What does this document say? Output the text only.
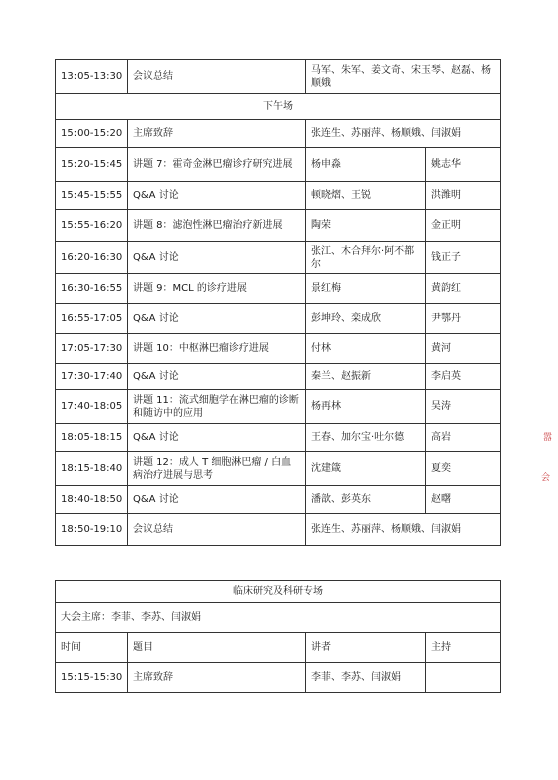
13:05-13:30	会议总结	马军、朱军、姜文奇、宋玉琴、赵磊、杨顺娥	
下午场			
15:00-15:20	主席致辞	张连生、苏丽萍、杨顺娥、闫淑娟	
15:20-15:45	讲题 7：霍奇金淋巴瘤诊疗研究进展	杨申淼	姚志华
15:45-15:55	Q&A 讨论	顿晓熠、王锐	洪潍明
15:55-16:20	讲题 8：滤泡性淋巴瘤治疗新进展	陶荣	金正明
16:20-16:30	Q&A 讨论	张江、木合拜尔·阿不都尔	钱正子
16:30-16:55	讲题 9：MCL 的诊疗进展	景红梅	黄韵红
16:55-17:05	Q&A 讨论	彭坤玲、栾成欣	尹鄂丹
17:05-17:30	讲题 10：中枢淋巴瘤诊疗进展	付林	黄河
17:30-17:40	Q&A 讨论	秦兰、赵振新	李启英
17:40-18:05	讲题 11：流式细胞学在淋巴瘤的诊断和随访中的应用	杨再林	吴涛
18:05-18:15	Q&A 讨论	王春、加尔宝·吐尔德	高岩
18:15-18:40	讲题 12：成人 T 细胞淋巴瘤 / 白血病治疗进展与思考	沈建箴	夏奕
18:40-18:50	Q&A 讨论	潘歆、彭英东	赵曙
18:50-19:10	会议总结	张连生、苏丽萍、杨顺娥、闫淑娟	
临床研究及科研专场			
大会主席：李菲、李苏、闫淑娟			
时间	题目	讲者	主持
15:15-15:30	主席致辞	李菲、李苏、闫淑娟	
嚣
会
